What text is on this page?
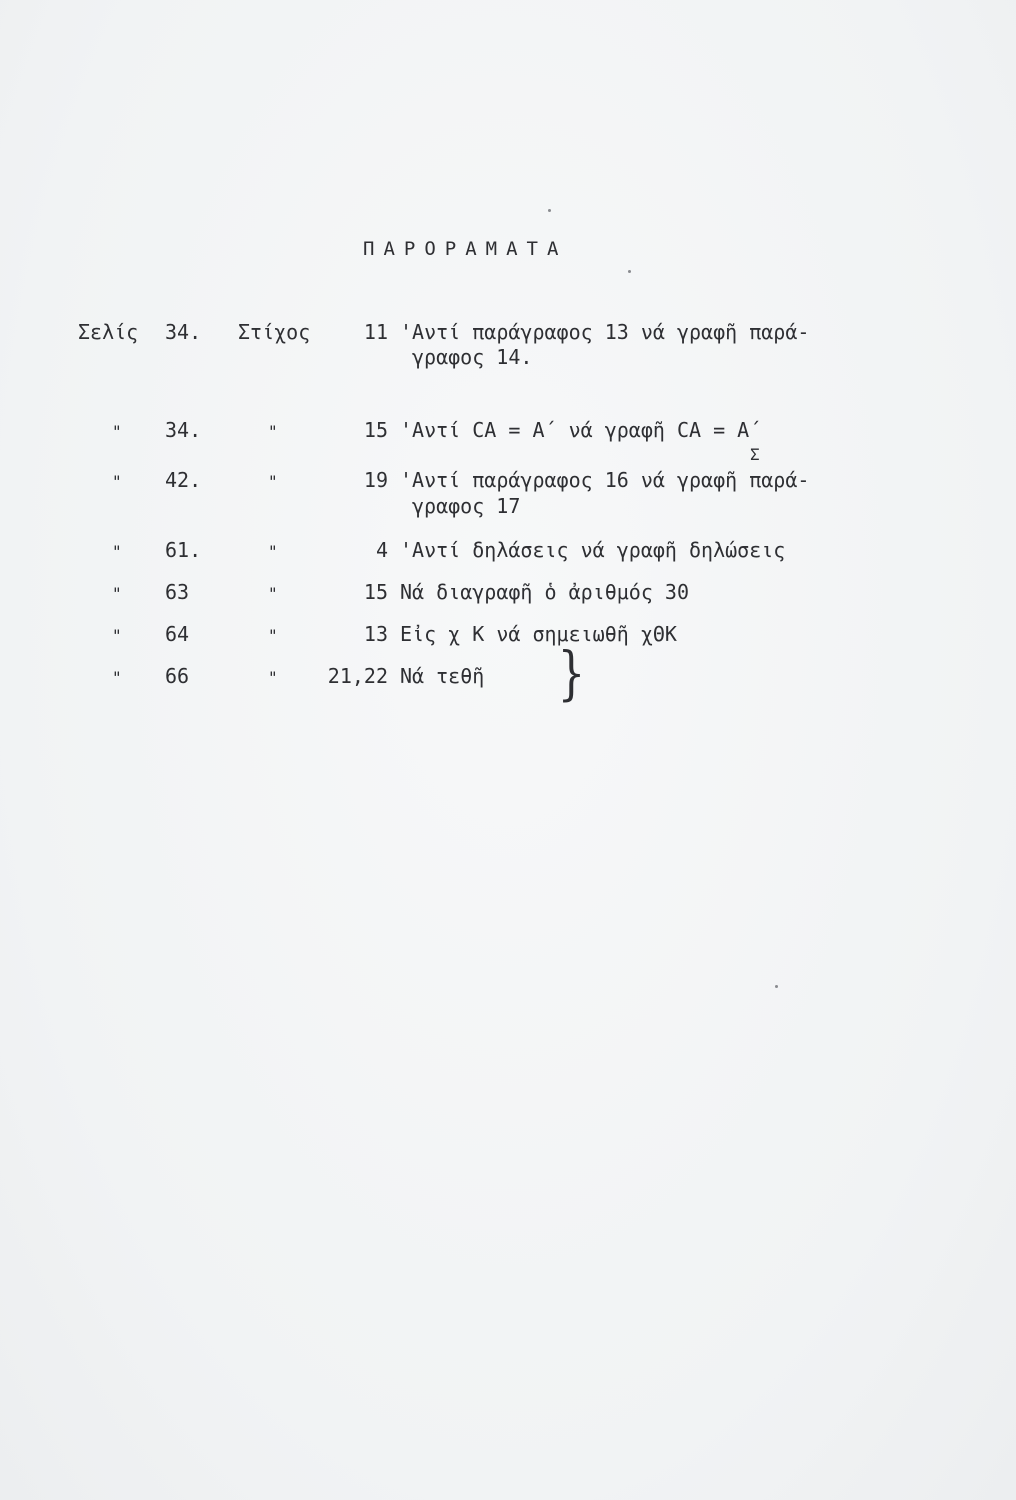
ΠΑΡΟΡΑΜΑΤΑ
Σελίς 34. Στίχος	11 'Αντί παράγραφος 13 νά γραφῆ παρά-
γραφος 14.
" 34.	"	15 'Αντί CA = A΄ νά γραφῆ CA = A΄
Σ
" 42.	"	19 'Αντί παράγραφος 16 νά γραφῆ παρά-
γραφος 17
" 61.	"	4 'Αντί δηλάσεις νά γραφῆ δηλώσεις
" 63	"	15 Νά διαγραφῆ ὁ ἀριθμός 30
" 64	"	13 Εἰς χ Κ νά σημειωθῆ χΘΚ
" 66	"	21,22 Νά τεθῆ }
